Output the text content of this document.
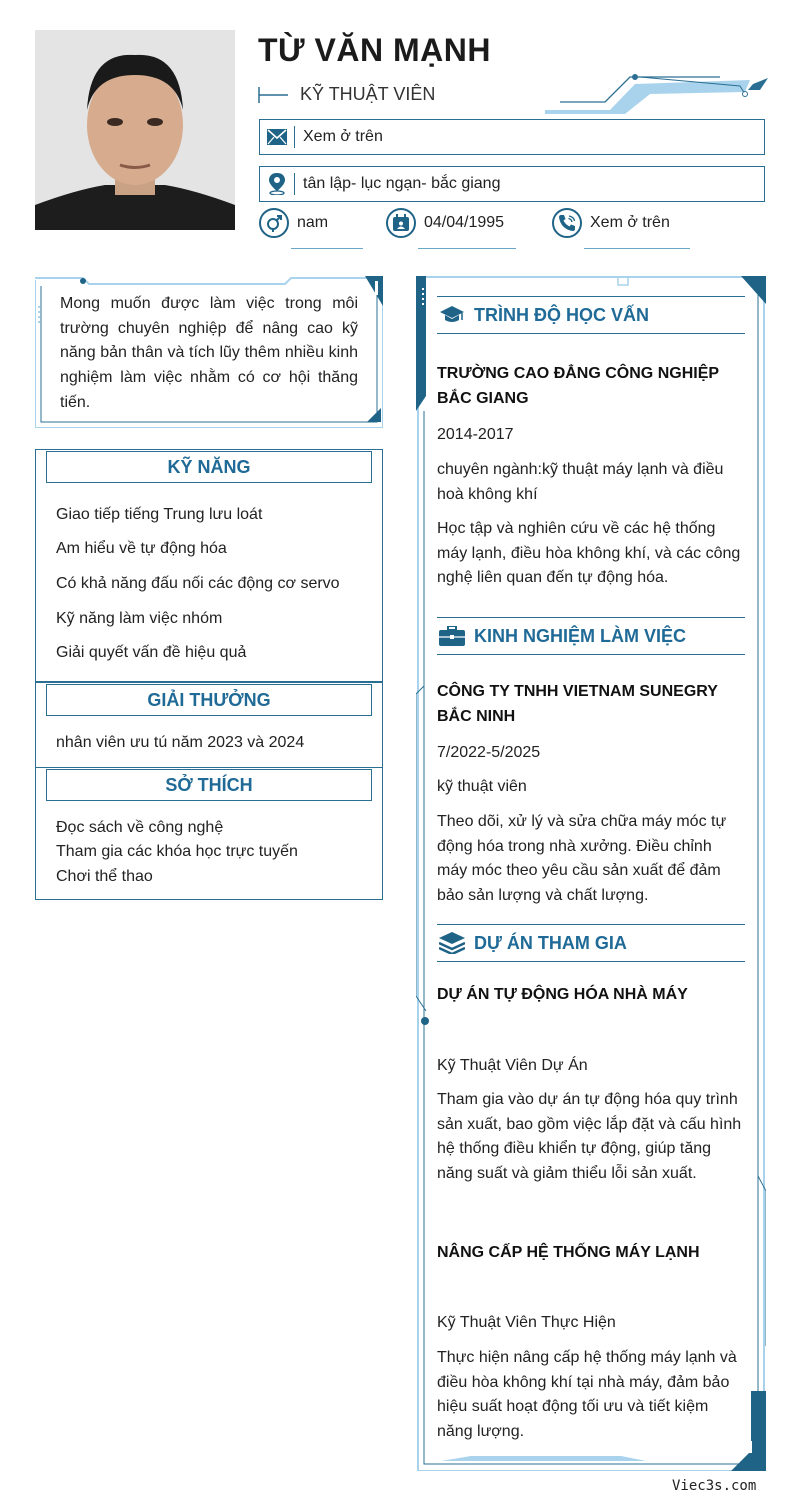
TỪ VĂN MẠNH
KỸ THUẬT VIÊN
Xem ở trên
tân lập- lục ngạn- bắc giang
nam	04/04/1995	Xem ở trên
Mong muốn được làm việc trong môi trường chuyên nghiệp để nâng cao kỹ năng bản thân và tích lũy thêm nhiều kinh nghiệm làm việc nhằm có cơ hội thăng tiến.
KỸ NĂNG
Giao tiếp tiếng Trung lưu loát
Am hiểu về tự động hóa
Có khả năng đấu nối các động cơ servo
Kỹ năng làm việc nhóm
Giải quyết vấn đề hiệu quả
GIẢI THƯỞNG
nhân viên ưu tú năm 2023 và 2024
SỞ THÍCH
Đọc sách về công nghệ
Tham gia các khóa học trực tuyến
Chơi thể thao
TRÌNH ĐỘ HỌC VẤN
TRƯỜNG CAO ĐẲNG CÔNG NGHIỆP BẮC GIANG
2014-2017
chuyên ngành:kỹ thuật máy lạnh và điều hoà không khí
Học tập và nghiên cứu về các hệ thống máy lạnh, điều hòa không khí, và các công nghệ liên quan đến tự động hóa.
KINH NGHIỆM LÀM VIỆC
CÔNG TY TNHH VIETNAM SUNEGRY BẮC NINH
7/2022-5/2025
kỹ thuật viên
Theo dõi, xử lý và sửa chữa máy móc tự động hóa trong nhà xưởng. Điều chỉnh máy móc theo yêu cầu sản xuất để đảm bảo sản lượng và chất lượng.
DỰ ÁN THAM GIA
DỰ ÁN TỰ ĐỘNG HÓA NHÀ MÁY
Kỹ Thuật Viên Dự Án
Tham gia vào dự án tự động hóa quy trình sản xuất, bao gồm việc lắp đặt và cấu hình hệ thống điều khiển tự động, giúp tăng năng suất và giảm thiểu lỗi sản xuất.
NÂNG CẤP HỆ THỐNG MÁY LẠNH
Kỹ Thuật Viên Thực Hiện
Thực hiện nâng cấp hệ thống máy lạnh và điều hòa không khí tại nhà máy, đảm bảo hiệu suất hoạt động tối ưu và tiết kiệm năng lượng.
Viec3s.com
